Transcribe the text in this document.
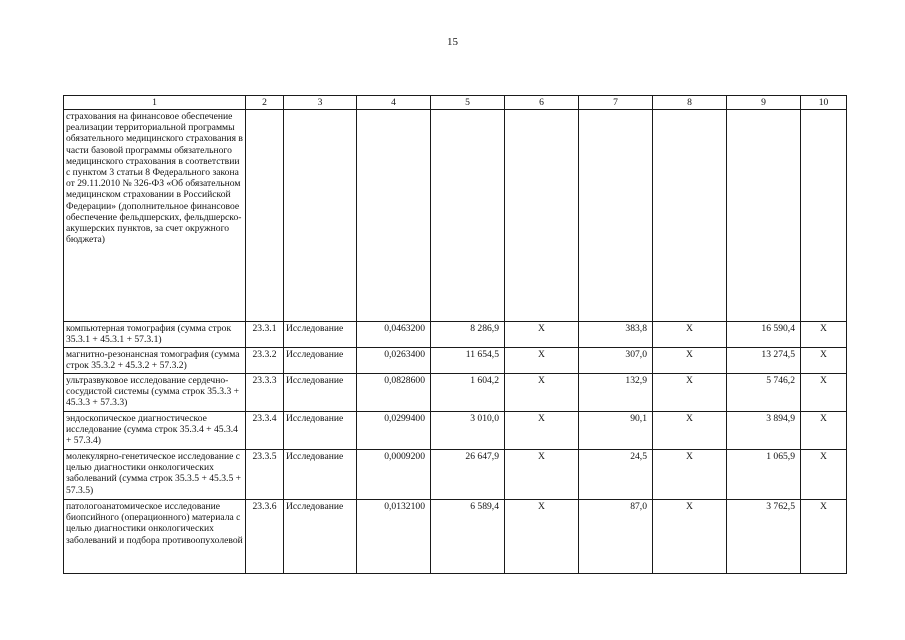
15
1	2	3	4	5	6	7	8	9	10
страхования на финансовое обеспечение реализации территориальной программы обязательного медицинского страхования в части базовой программы обязательного медицинского страхования в соответствии с пунктом 3 статьи 8 Федерального закона от 29.11.2010 № 326-ФЗ «Об обязательном медицинском страховании в Российской Федерации» (дополнительное финансовое обеспечение фельдшерских, фельдшерско-акушерских пунктов, за счет окружного бюджета)									
компьютерная томография (сумма строк 35.3.1 + 45.3.1 + 57.3.1)	23.3.1	Исследование	0,0463200	8 286,9	X	383,8	X	16 590,4	X
магнитно-резонансная томография (сумма строк 35.3.2 + 45.3.2 + 57.3.2)	23.3.2	Исследование	0,0263400	11 654,5	X	307,0	X	13 274,5	X
ультразвуковое исследование сердечно-сосудистой системы (сумма строк 35.3.3 + 45.3.3 + 57.3.3)	23.3.3	Исследование	0,0828600	1 604,2	X	132,9	X	5 746,2	X
эндоскопическое диагностическое исследование (сумма строк 35.3.4 + 45.3.4 + 57.3.4)	23.3.4	Исследование	0,0299400	3 010,0	X	90,1	X	3 894,9	X
молекулярно-генетическое исследование с целью диагностики онкологических заболеваний (сумма строк 35.3.5 + 45.3.5 + 57.3.5)	23.3.5	Исследование	0,0009200	26 647,9	X	24,5	X	1 065,9	X
патологоанатомическое исследование биопсийного (операционного) материала с целью диагностики онкологических заболеваний и подбора противоопухолевой	23.3.6	Исследование	0,0132100	6 589,4	X	87,0	X	3 762,5	X
